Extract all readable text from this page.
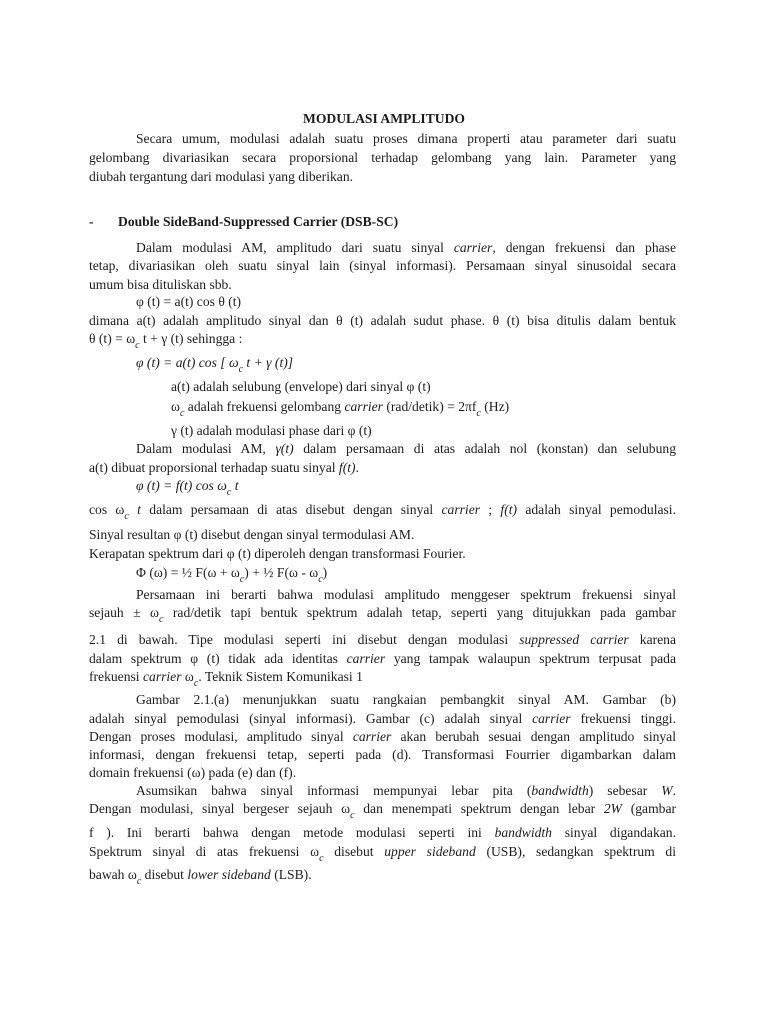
MODULASI AMPLITUDO

Secara umum, modulasi adalah suatu proses dimana properti atau parameter dari suatu

gelombang divariasikan secara proporsional terhadap gelombang yang lain. Parameter yang

diubah tergantung dari modulasi yang diberikan.

- Double SideBand-Suppressed Carrier (DSB-SC)

Dalam modulasi AM, amplitudo dari suatu sinyal carrier, dengan frekuensi dan phase

tetap, divariasikan oleh suatu sinyal lain (sinyal informasi). Persamaan sinyal sinusoidal secara

umum bisa dituliskan sbb.

φ (t) = a(t) cos θ (t)

dimana a(t) adalah amplitudo sinyal dan θ (t) adalah sudut phase. θ (t) bisa ditulis dalam bentuk

θ $(t) = \omega_c$ t + γ (t) sehingga :

φ (t) = a(t) cos [ $\omega_c$ t + γ (t)]

a(t) adalah selubung (envelope) dari sinyal φ (t)

$\omega_c$ adalah frekuensi gelombang carrier (rad/detik) = $2\pi f_c$ (Hz)

γ (t) adalah modulasi phase dari φ (t)

Dalam modulasi AM, γ(t) dalam persamaan di atas adalah nol (konstan) dan selubung

a(t) dibuat proporsional terhadap suatu sinyal f(t).

φ (t) = f(t) $\cos \omega_c$ t

$\cos \omega_c$ t dalam persamaan di atas disebut dengan sinyal carrier ; f(t) adalah sinyal pemodulasi.

Sinyal resultan φ (t) disebut dengan sinyal termodulasi AM.

Kerapatan spektrum dari φ (t) diperoleh dengan transformasi Fourier.

Φ (ω) = ½ $F(\omega + \omega_c)$ + ½ $F(\omega - \omega_c)$

Persamaan ini berarti bahwa modulasi amplitudo menggeser spektrum frekuensi sinyal

sejauh ± $\omega_c$ rad/detik tapi bentuk spektrum adalah tetap, seperti yang ditujukkan pada gambar

2.1 di bawah. Tipe modulasi seperti ini disebut dengan modulasi suppressed carrier karena

dalam spektrum φ (t) tidak ada identitas carrier yang tampak walaupun spektrum terpusat pada

frekuensi carrier $\omega_c$. Teknik Sistem Komunikasi 1

Gambar 2.1.(a) menunjukkan suatu rangkaian pembangkit sinyal AM. Gambar (b)

adalah sinyal pemodulasi (sinyal informasi). Gambar (c) adalah sinyal carrier frekuensi tinggi.

Dengan proses modulasi, amplitudo sinyal carrier akan berubah sesuai dengan amplitudo sinyal

informasi, dengan frekuensi tetap, seperti pada (d). Transformasi Fourrier digambarkan dalam

domain frekuensi (ω) pada (e) dan (f).

Asumsikan bahwa sinyal informasi mempunyai lebar pita (bandwidth) sebesar W.

Dengan modulasi, sinyal bergeser sejauh $\omega_c$ dan menempati spektrum dengan lebar 2W (gambar

f ). Ini berarti bahwa dengan metode modulasi seperti ini bandwidth sinyal digandakan.

Spektrum sinyal di atas frekuensi $\omega_c$ disebut upper sideband (USB), sedangkan spektrum di

bawah $\omega_c$ disebut lower sideband (LSB).
